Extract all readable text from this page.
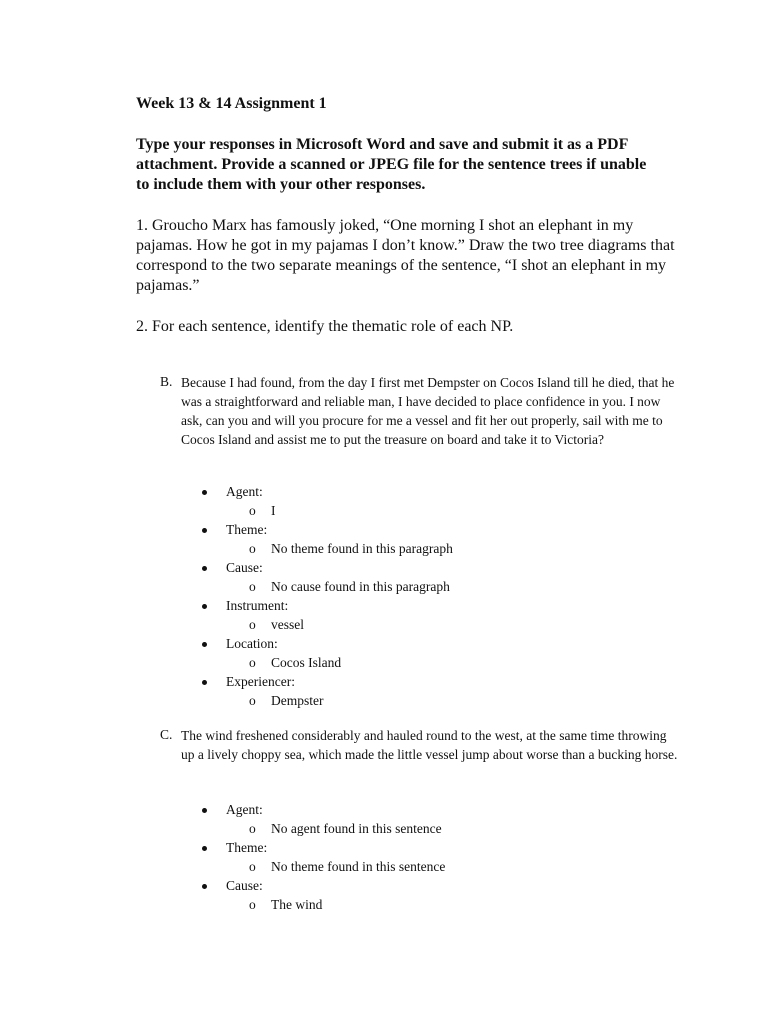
Week 13 & 14 Assignment 1
Type your responses in Microsoft Word and save and submit it as a PDF attachment. Provide a scanned or JPEG file for the sentence trees if unable to include them with your other responses.
1. Groucho Marx has famously joked, “One morning I shot an elephant in my pajamas. How he got in my pajamas I don’t know.” Draw the two tree diagrams that correspond to the two separate meanings of the sentence, “I shot an elephant in my pajamas.”
2. For each sentence, identify the thematic role of each NP.
B. Because I had found, from the day I first met Dempster on Cocos Island till he died, that he was a straightforward and reliable man, I have decided to place confidence in you. I now ask, can you and will you procure for me a vessel and fit her out properly, sail with me to Cocos Island and assist me to put the treasure on board and take it to Victoria?
Agent:
o I
Theme:
o No theme found in this paragraph
Cause:
o No cause found in this paragraph
Instrument:
o vessel
Location:
o Cocos Island
Experiencer:
o Dempster
C. The wind freshened considerably and hauled round to the west, at the same time throwing up a lively choppy sea, which made the little vessel jump about worse than a bucking horse.
Agent:
o No agent found in this sentence
Theme:
o No theme found in this sentence
Cause:
o The wind
